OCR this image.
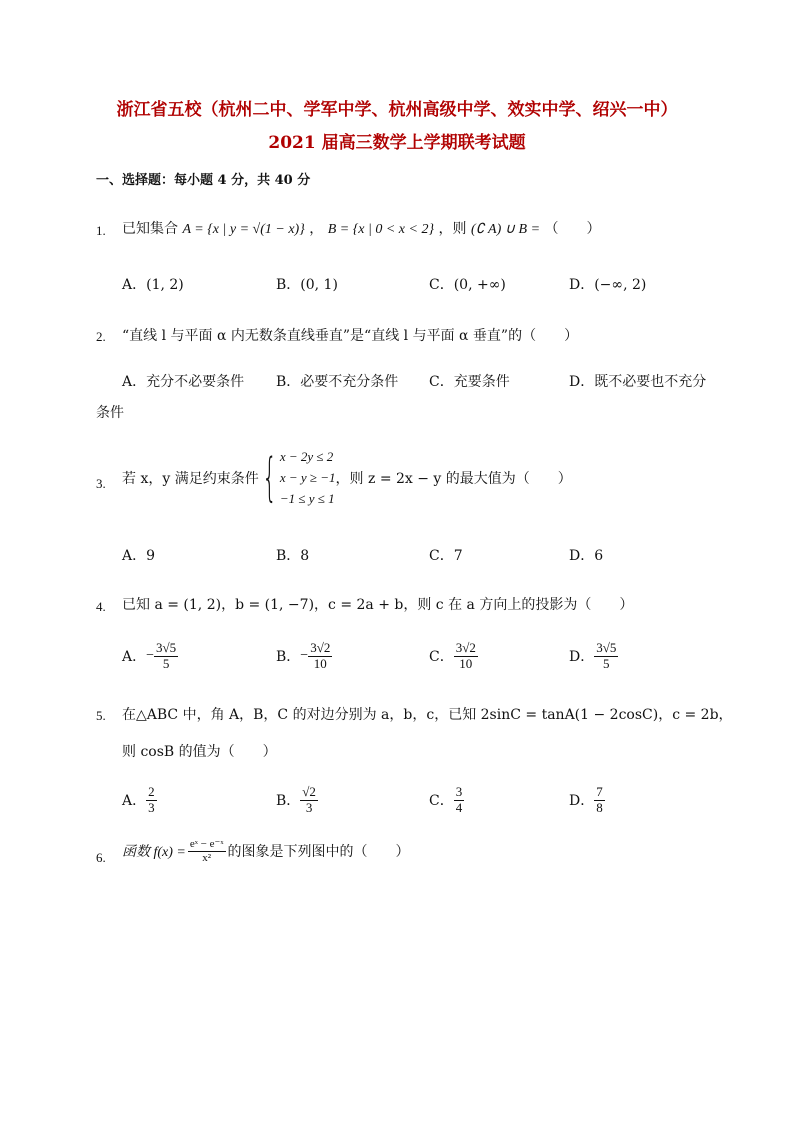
浙江省五校（杭州二中、学军中学、杭州高级中学、效实中学、绍兴一中）
2021 届高三数学上学期联考试题
一、选择题：每小题 4 分，共 40 分
1. 已知集合 A = {x | y = √(1 − x)} ， B = {x | 0 < x < 2} ，则 (∁ A) ∪ B = （　　）
A．(1, 2)	B．(0, 1)	C．(0, +∞)	D．(−∞, 2)
2. “直线 l 与平面 α 内无数条直线垂直”是“直线 l 与平面 α 垂直”的（　　）
A．充分不必要条件 B．必要不充分条件 C．充要条件	D．既不必要也不充分
条件
3. 若 x，y 满足约束条件 { x − 2y ≤ 2
x − y ≥ −1
−1 ≤ y ≤ 1
，则 z = 2x − y 的最大值为（　　）
A．9	B．8	C．7	D．6
4. 已知 a = (1, 2)，b = (1, −7)，c = 2a + b，则 c 在 a 方向上的投影为（　　）
A． − $\frac{3√5}{5}$	B． − $\frac{3√2}{10}$	C． $\frac{3√2}{10}$	D． $\frac{3√5}{5}$
5. 在△ABC 中，角 A，B，C 的对边分别为 a，b，c，已知 2sinC = tanA(1 − 2cosC)，c = 2b，
则 cosB 的值为（　　）
A． $\frac{2}{3}$	B． $\frac{√2}{3}$	C． $\frac{3}{4}$	D． $\frac{7}{8}$
6. 函数 $f(x) = \frac{\text{eˣ − e⁻ˣ}}{\text{x²}}$ 的图象是下列图中的（　　）
